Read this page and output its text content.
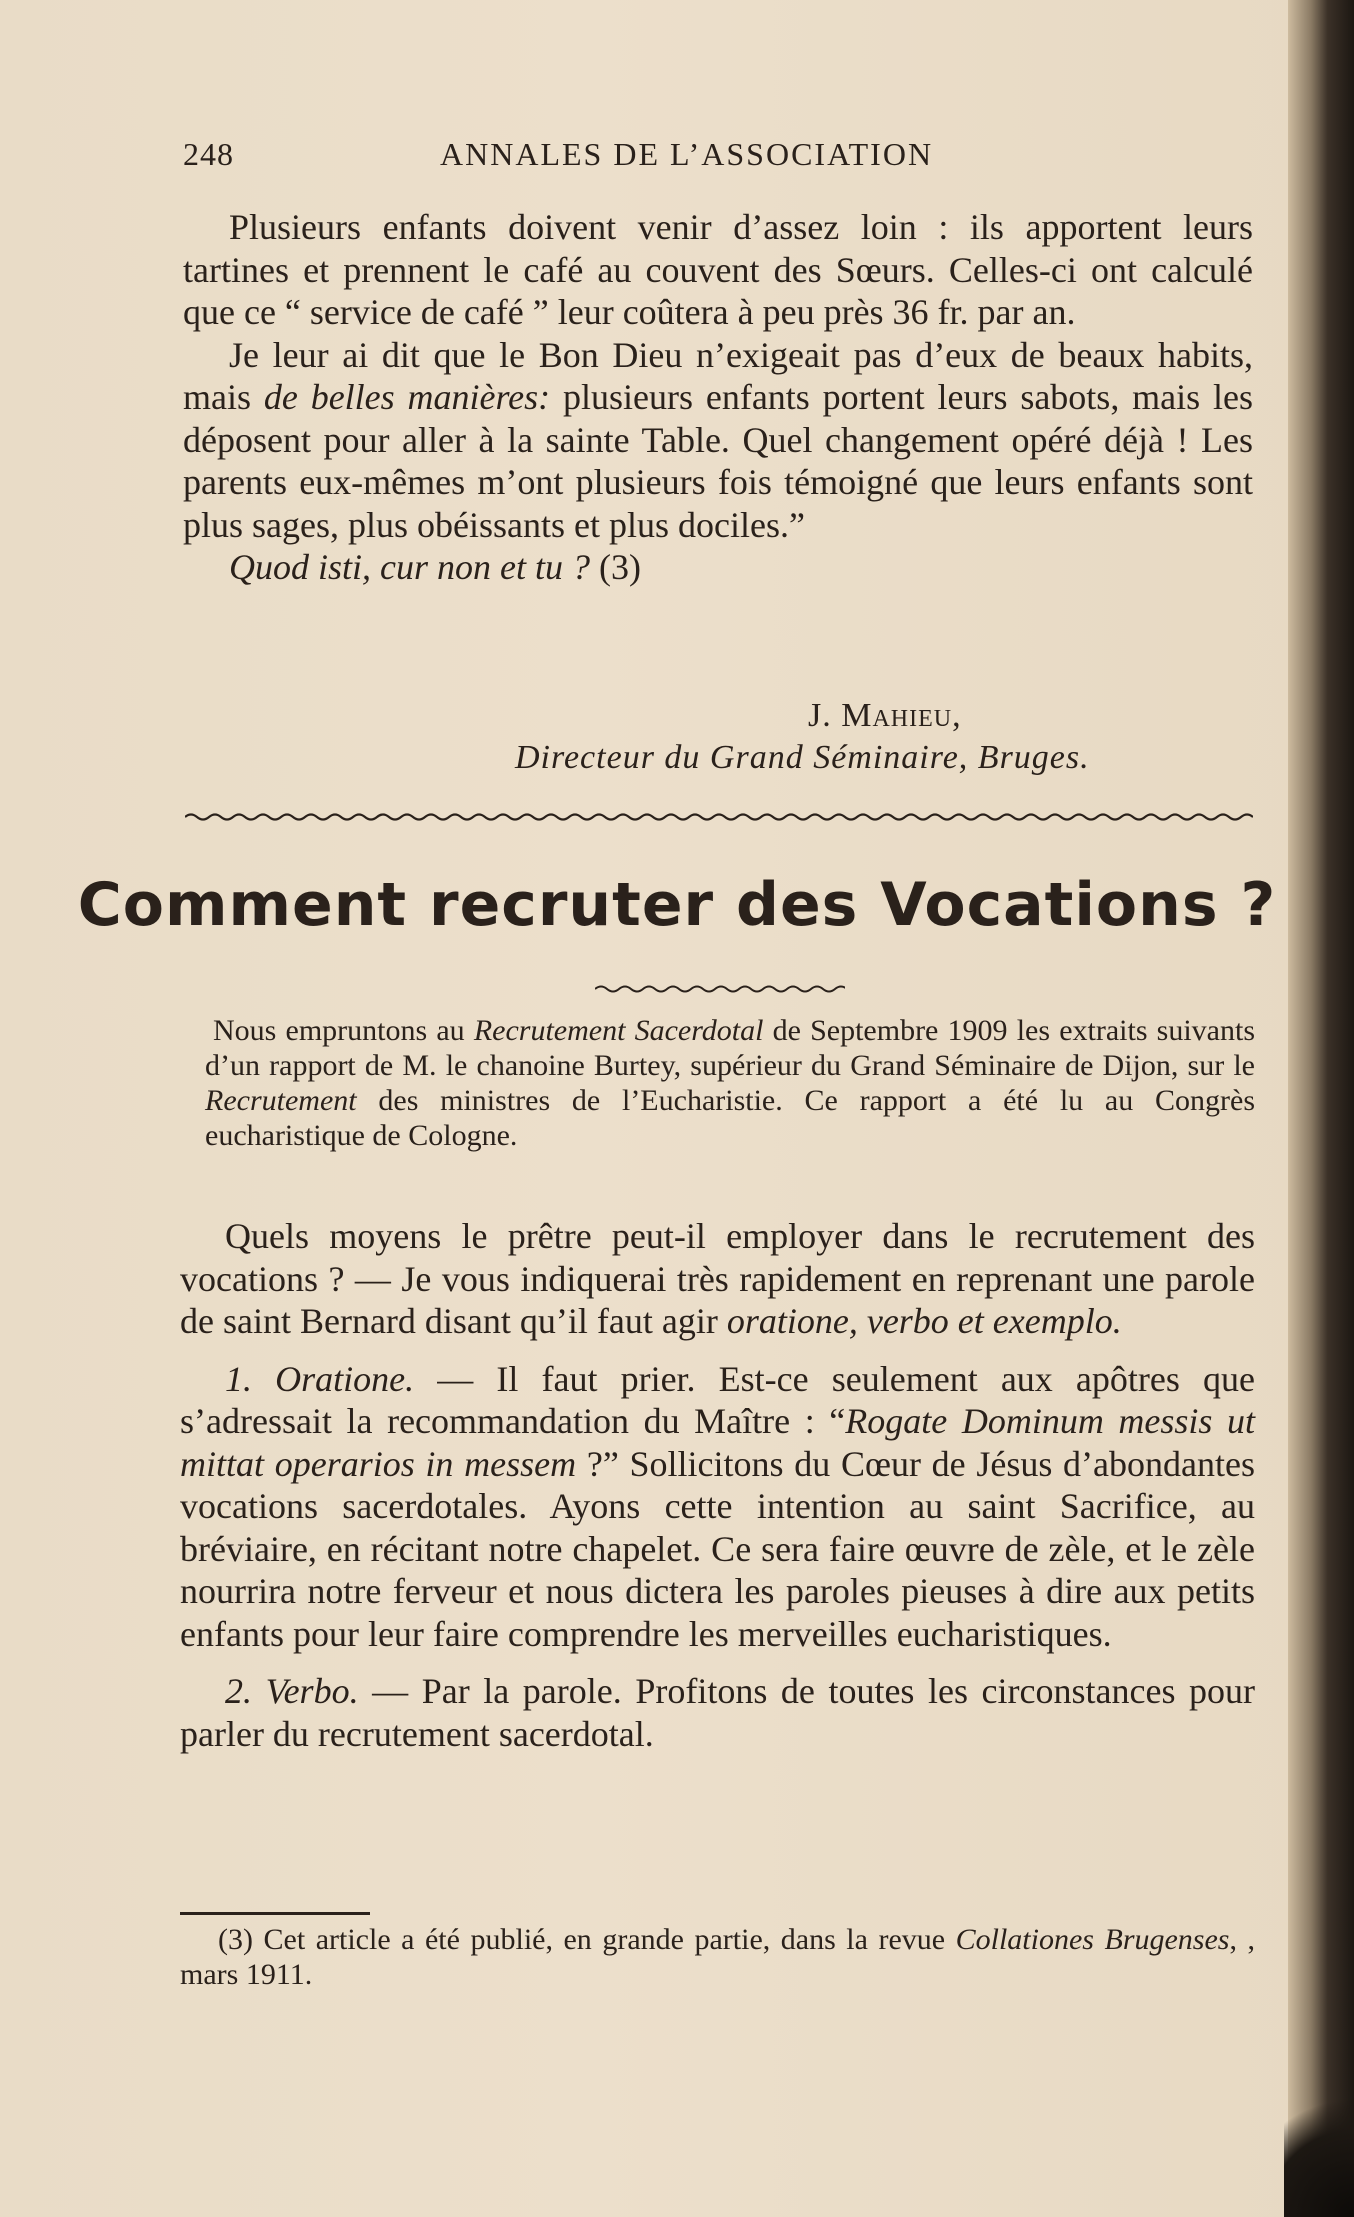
248	ANNALES DE L’ASSOCIATION

Plusieurs enfants doivent venir d’assez loin : ils apportent leurs tartines et prennent le café au couvent des Sœurs. Celles-ci ont calculé que ce “ service de café ” leur coûtera à peu près 36 fr. par an.

Je leur ai dit que le Bon Dieu n’exigeait pas d’eux de beaux habits, mais de belles manières: plusieurs enfants portent leurs sabots, mais les déposent pour aller à la sainte Table. Quel changement opéré déjà ! Les parents eux-mêmes m’ont plusieurs fois témoigné que leurs enfants sont plus sages, plus obéissants et plus dociles.”

Quod isti, cur non et tu ? (3)

J. Mahieu,
Directeur du Grand Séminaire, Bruges.
Comment recruter des Vocations ?

Nous empruntons au Recrutement Sacerdotal de Septembre 1909 les extraits suivants d’un rapport de M. le chanoine Burtey, supérieur du Grand Séminaire de Dijon, sur le Recrutement des ministres de l’Eucharistie. Ce rapport a été lu au Congrès eucharistique de Cologne.

Quels moyens le prêtre peut-il employer dans le recrutement des vocations ? — Je vous indiquerai très rapidement en reprenant une parole de saint Bernard disant qu’il faut agir oratione, verbo et exemplo.

1. Oratione. — Il faut prier. Est-ce seulement aux apôtres que s’adressait la recommandation du Maître : “Rogate Dominum messis ut mittat operarios in messem ?” Sollicitons du Cœur de Jésus d’abondantes vocations sacerdotales. Ayons cette intention au saint Sacrifice, au bréviaire, en récitant notre chapelet. Ce sera faire œuvre de zèle, et le zèle nourrira notre ferveur et nous dictera les paroles pieuses à dire aux petits enfants pour leur faire comprendre les merveilles eucharistiques.

2. Verbo. — Par la parole. Profitons de toutes les circonstances pour parler du recrutement sacerdotal.

(3) Cet article a été publié, en grande partie, dans la revue Collationes Brugenses, , mars 1911.
